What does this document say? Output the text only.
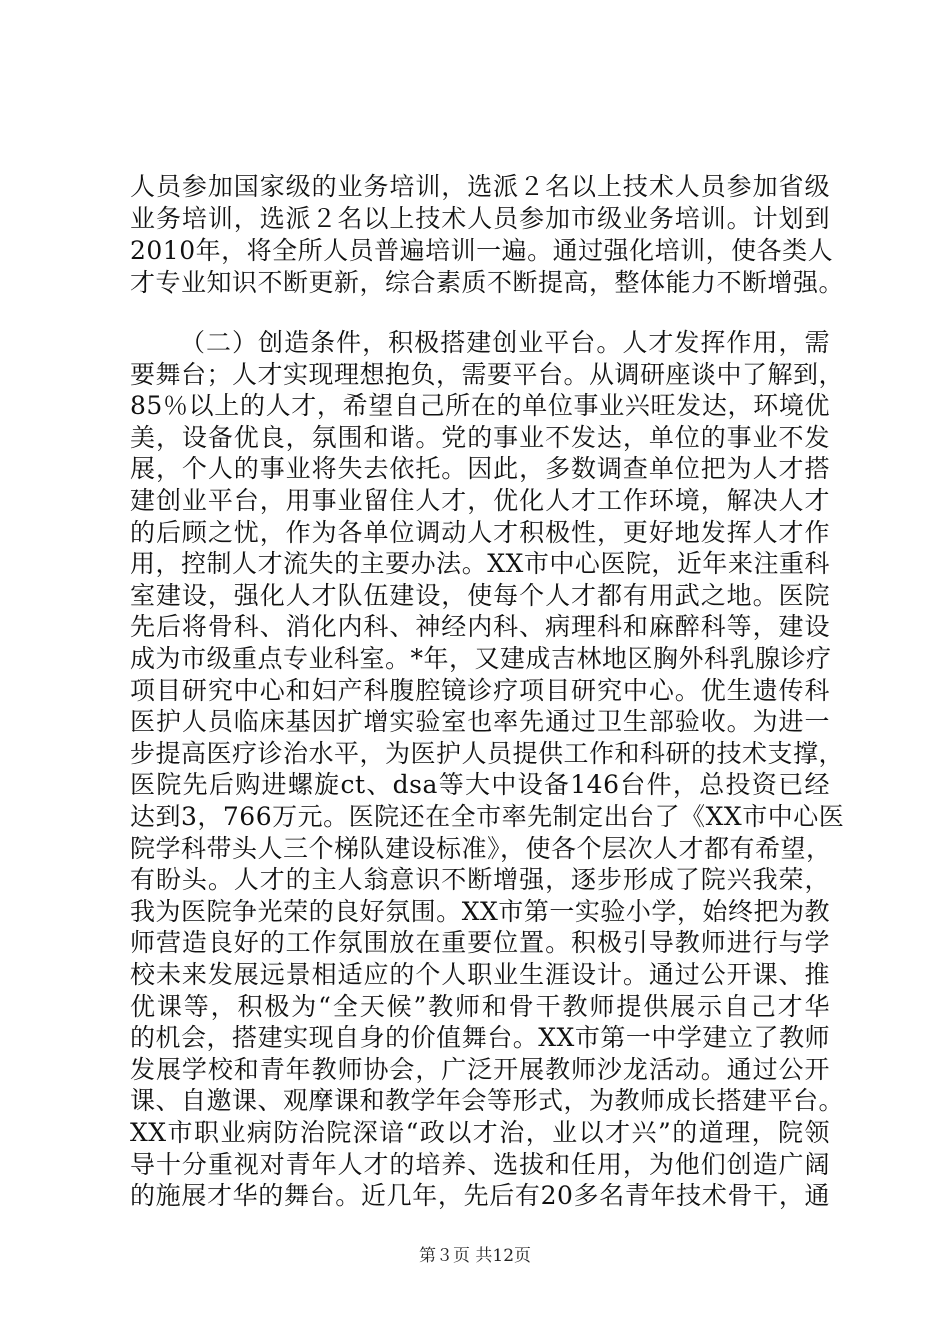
人员参加国家级的业务培训，选派２名以上技术人员参加省级
业务培训，选派２名以上技术人员参加市级业务培训。计划到
2010年，将全所人员普遍培训一遍。通过强化培训，使各类人
才专业知识不断更新，综合素质不断提高，整体能力不断增强。
（二）创造条件，积极搭建创业平台。人才发挥作用，需
要舞台；人才实现理想抱负，需要平台。从调研座谈中了解到，
85％以上的人才，希望自己所在的单位事业兴旺发达，环境优
美，设备优良，氛围和谐。党的事业不发达，单位的事业不发
展，个人的事业将失去依托。因此，多数调查单位把为人才搭
建创业平台，用事业留住人才，优化人才工作环境，解决人才
的后顾之忧，作为各单位调动人才积极性，更好地发挥人才作
用，控制人才流失的主要办法。XX市中心医院，近年来注重科
室建设，强化人才队伍建设，使每个人才都有用武之地。医院
先后将骨科、消化内科、神经内科、病理科和麻醉科等，建设
成为市级重点专业科室。*年，又建成吉林地区胸外科乳腺诊疗
项目研究中心和妇产科腹腔镜诊疗项目研究中心。优生遗传科
医护人员临床基因扩增实验室也率先通过卫生部验收。为进一
步提高医疗诊治水平，为医护人员提供工作和科研的技术支撑，
医院先后购进螺旋ct、dsa等大中设备146台件，总投资已经
达到3，766万元。医院还在全市率先制定出台了《XX市中心医
院学科带头人三个梯队建设标准》，使各个层次人才都有希望，
有盼头。人才的主人翁意识不断增强，逐步形成了院兴我荣，
我为医院争光荣的良好氛围。XX市第一实验小学，始终把为教
师营造良好的工作氛围放在重要位置。积极引导教师进行与学
校未来发展远景相适应的个人职业生涯设计。通过公开课、推
优课等，积极为“全天候”教师和骨干教师提供展示自己才华
的机会，搭建实现自身的价值舞台。XX市第一中学建立了教师
发展学校和青年教师协会，广泛开展教师沙龙活动。通过公开
课、自邀课、观摩课和教学年会等形式，为教师成长搭建平台。
XX市职业病防治院深谙“政以才治，业以才兴”的道理，院领
导十分重视对青年人才的培养、选拔和任用，为他们创造广阔
的施展才华的舞台。近几年，先后有20多名青年技术骨干，通
第３页 共12页
